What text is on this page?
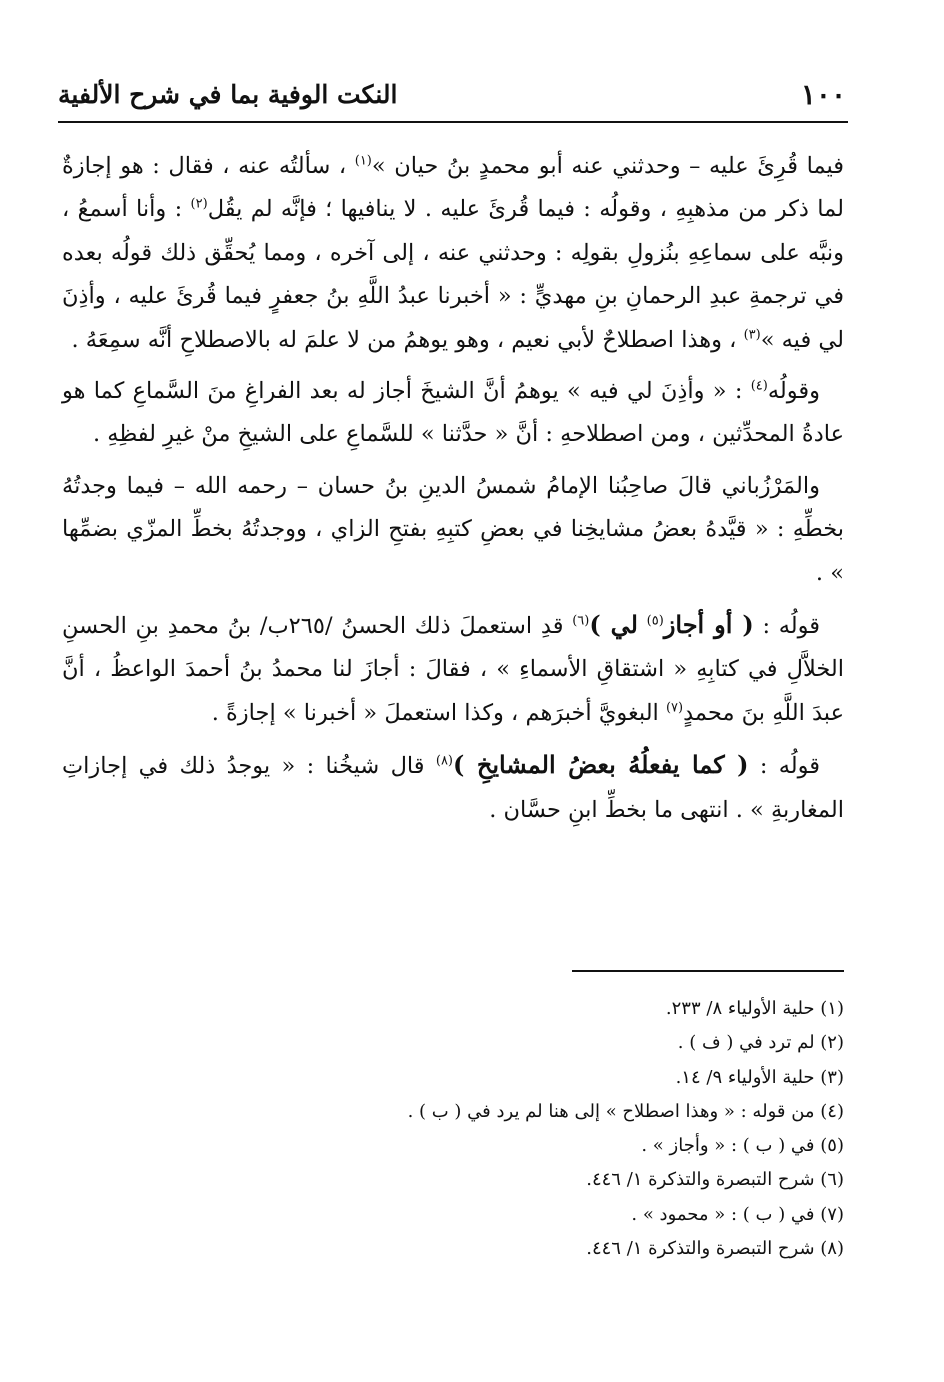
١٠٠
النكت الوفية بما في شرح الألفية

فيما قُرِئَ عليه – وحدثني عنه أبو محمدٍ بنُ حيان »$^{(١)}$ ، سألتُه عنه ، فقال : هو إجازةٌ لما ذكر من مذهبِهِ ، وقولُه : فيما قُرئَ عليه . لا ينافيها ؛ فإنَّه لم يقُل$^{(٢)}$ : وأنا أسمعُ ، ونبَّه على سماعِهِ بنُزولِ بقولِه : وحدثني عنه ، إلى آخره ، ومما يُحقِّق ذلك قولُه بعده في ترجمةِ عبدِ الرحمانِ بنِ مهديٍّ : « أخبرنا عبدُ اللَّهِ بنُ جعفرٍ فيما قُرئَ عليه ، وأذِنَ لي فيه »$^{(٣)}$ ، وهذا اصطلاحٌ لأبي نعيم ، وهو يوهمُ من لا علمَ له بالاصطلاحِ أنَّه سمِعَهُ .

وقولُه$^{(٤)}$ : « وأذِنَ لي فيه » يوهمُ أنَّ الشيخَ أجاز له بعد الفراغِ منَ السَّماعِ كما هو عادةُ المحدِّثين ، ومن اصطلاحهِ : أنَّ « حدَّثنا » للسَّماعِ على الشيخِ منْ غيرِ لفظِهِ .

والمَرْزُباني قالَ صاحِبُنا الإمامُ شمسُ الدينِ بنُ حسان – رحمه الله – فيما وجدتُهُ بخطِّهِ : « قيَّدهُ بعضُ مشايخِنا في بعضِ كتبِهِ بفتحِ الزاي ، ووجدتُهُ بخطِّ المزّي بضمِّها » .

قولُه : ( أو أجاز$^{(٥)}$ لي )$^{(٦)}$ قدِ استعملَ ذلك الحسنُ /٢٦٥ب/ بنُ محمدِ بنِ الحسنِ الخلاَّلِ في كتابِهِ « اشتقاقِ الأسماءِ » ، فقالَ : أجازَ لنا محمدُ بنُ أحمدَ الواعظُ ، أنَّ عبدَ اللَّهِ بنَ محمدٍ$^{(٧)}$ البغويَّ أخبرَهم ، وكذا استعملَ « أخبرنا » إجازةً .

قولُه : ( كما يفعلُهُ بعضُ المشايخِ )$^{(٨)}$ قال شيخُنا : « يوجدُ ذلك في إجازاتِ المغاربةِ » . انتهى ما بخطِّ ابنِ حسَّان .

(١) حلية الأولياء ٨/ ٢٣٣.
(٢) لم ترد في ( ف ) .
(٣) حلية الأولياء ٩/ ١٤.
(٤) من قوله : « وهذا اصطلاح » إلى هنا لم يرد في ( ب ) .
(٥) في ( ب ) : « وأجاز » .
(٦) شرح التبصرة والتذكرة ١/ ٤٤٦.
(٧) في ( ب ) : « محمود » .
(٨) شرح التبصرة والتذكرة ١/ ٤٤٦.
